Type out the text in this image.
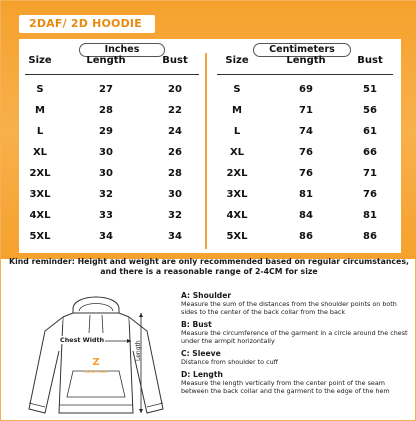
2DAF/ 2D HOODIE
Inches	Centimeters
Size	Length	Bust	Size	Length	Bust
S	27	20	S	69	51
M	28	22	M	71	56
L	29	24	L	74	61
XL	30	26	XL	76	66
2XL	30	28	2XL	76	71
3XL	32	30	3XL	81	76
4XL	33	32	4XL	84	81
5XL	34	34	5XL	86	86
Kind reminder: Height and weight are only recommended based on regular circumstances,
and there is a reasonable range of 2-4CM for size
Z
ZAKRAT WEAR
Chest Width
Length
A: Shoulder
Measure the sum of the distances from the shoulder points on both sides to the center of the back collar from the back
B: Bust
Measure the circumference of the garment in a circle around the chest under the armpit horizontally
C: Sleeve
Distance from shoulder to cuff
D: Length
Measure the length vertically from the center point of the seam between the back collar and the garment to the edge of the hem
